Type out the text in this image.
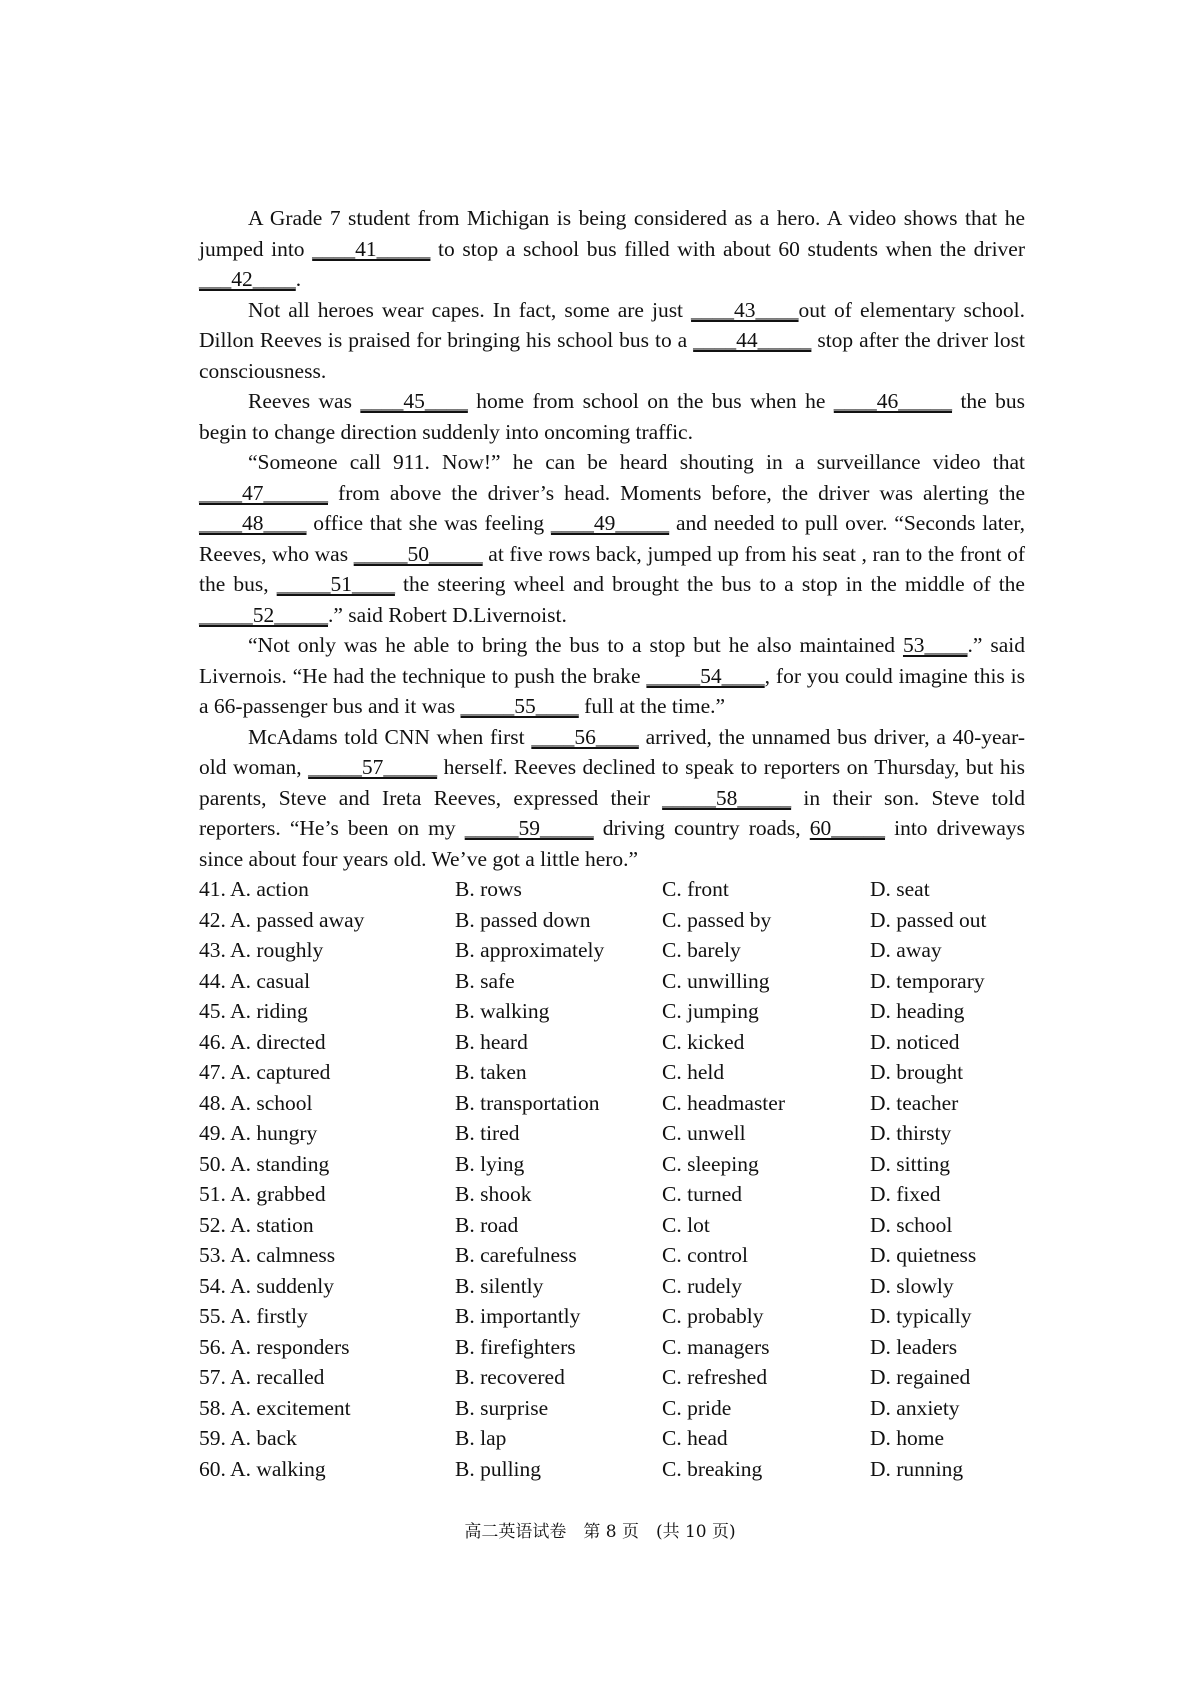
A Grade 7 student from Michigan is being considered as a hero. A video shows that he jumped into ____41_____ to stop a school bus filled with about 60 students when the driver ___42____.

Not all heroes wear capes. In fact, some are just ____43____out of elementary school. Dillon Reeves is praised for bringing his school bus to a ____44_____ stop after the driver lost consciousness.

Reeves was ____45____ home from school on the bus when he ____46_____ the bus begin to change direction suddenly into oncoming traffic.

“Someone call 911. Now!” he can be heard shouting in a surveillance video that ____47______ from above the driver’s head. Moments before, the driver was alerting the ____48____ office that she was feeling ____49_____ and needed to pull over. “Seconds later, Reeves, who was _____50_____ at five rows back, jumped up from his seat , ran to the front of the bus, _____51____ the steering wheel and brought the bus to a stop in the middle of the _____52_____.” said Robert D.Livernoist.

“Not only was he able to bring the bus to a stop but he also maintained 53____.” said Livernois. “He had the technique to push the brake _____54____, for you could imagine this is a 66-passenger bus and it was _____55____ full at the time.”

McAdams told CNN when first ____56____ arrived, the unnamed bus driver, a 40-year-old woman, _____57_____ herself. Reeves declined to speak to reporters on Thursday, but his parents, Steve and Ireta Reeves, expressed their _____58_____ in their son. Steve told reporters. “He’s been on my _____59_____ driving country roads, 60_____ into driveways since about four years old. We’ve got a little hero.”

41. A. action	B. rows	C. front	D. seat
42. A. passed away	B. passed down	C. passed by	D. passed out
43. A. roughly	B. approximately	C. barely	D. away
44. A. casual	B. safe	C. unwilling	D. temporary
45. A. riding	B. walking	C. jumping	D. heading
46. A. directed	B. heard	C. kicked	D. noticed
47. A. captured	B. taken	C. held	D. brought
48. A. school	B. transportation	C. headmaster	D. teacher
49. A. hungry	B. tired	C. unwell	D. thirsty
50. A. standing	B. lying	C. sleeping	D. sitting
51. A. grabbed	B. shook	C. turned	D. fixed
52. A. station	B. road	C. lot	D. school
53. A. calmness	B. carefulness	C. control	D. quietness
54. A. suddenly	B. silently	C. rudely	D. slowly
55. A. firstly	B. importantly	C. probably	D. typically
56. A. responders	B. firefighters	C. managers	D. leaders
57. A. recalled	B. recovered	C. refreshed	D. regained
58. A. excitement	B. surprise	C. pride	D. anxiety
59. A. back	B. lap	C. head	D. home
60. A. walking	B. pulling	C. breaking	D. running
高二英语试卷　第 8 页　(共 10 页)
